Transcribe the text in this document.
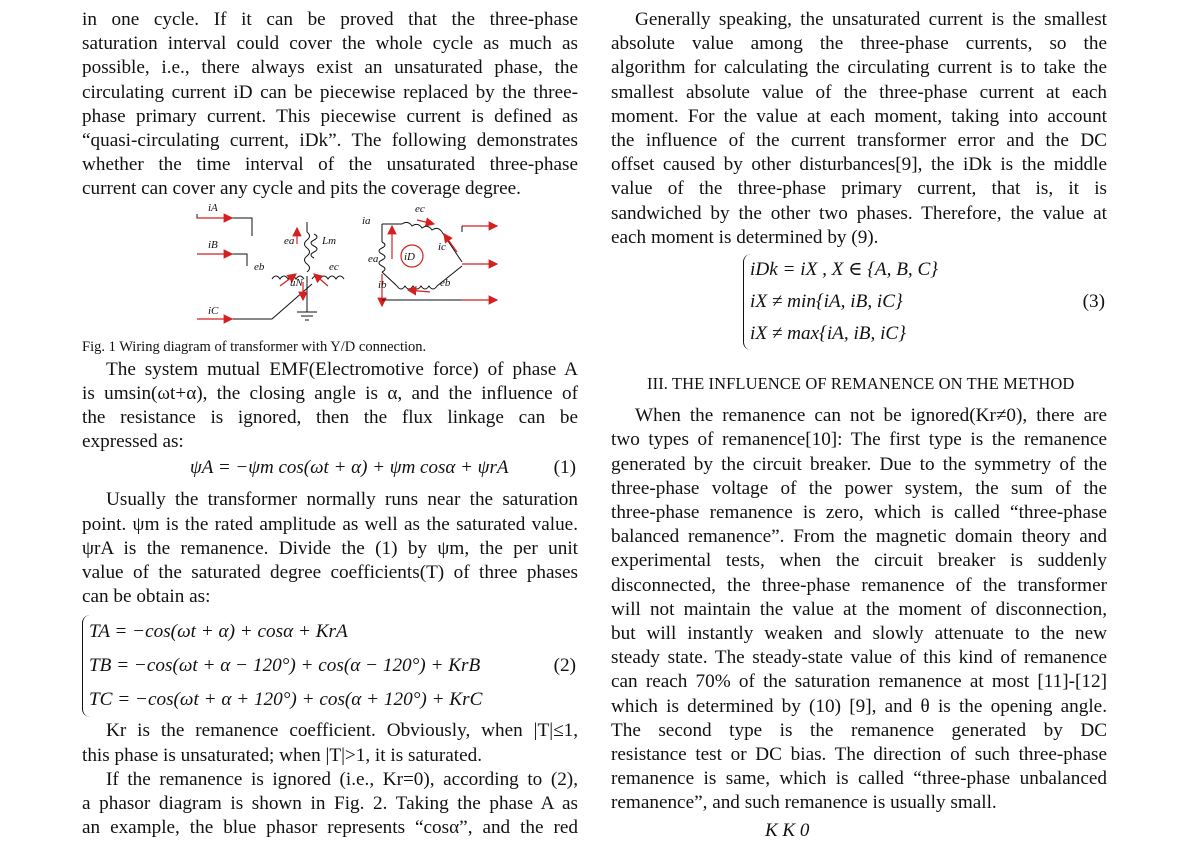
in one cycle. If it can be proved that the three-phase

saturation interval could cover the whole cycle as much as

possible, i.e., there always exist an unsaturated phase, the

circulating current iD can be piecewise replaced by the three-

phase primary current. This piecewise current is defined as

“quasi-circulating current, iDk”. The following demonstrates

whether the time interval of the unsaturated three-phase

current can cover any cycle and pits the coverage degree.

iA
iB
iC
ea	Lm
eb	ec
uN
ia
ec
ic
iD
ea
ib	eb

Fig. 1 Wiring diagram of transformer with Y/D connection.

The system mutual EMF(Electromotive force) of phase A

is umsin(ωt+α), the closing angle is α, and the influence of

the resistance is ignored, then the flux linkage can be

expressed as:

ψA = −ψm cos(ωt + α) + ψm cosα + ψrA (1)

Usually the transformer normally runs near the saturation

point. ψm is the rated amplitude as well as the saturated value.

ψrA is the remanence. Divide the (1) by ψm, the per unit

value of the saturated degree coefficients(T) of three phases

can be obtain as:

TA = −cos(ωt + α) + cosα + KrA
TB = −cos(ωt + α − 120°) + cos(α − 120°) + KrB
TC = −cos(ωt + α + 120°) + cos(α + 120°) + KrC
(2)

Kr is the remanence coefficient. Obviously, when |T|≤1,

this phase is unsaturated; when |T|>1, it is saturated.

If the remanence is ignored (i.e., Kr=0), according to (2),

a phasor diagram is shown in Fig. 2. Taking the phase A as

an example, the blue phasor represents “cosα”, and the red

Generally speaking, the unsaturated current is the smallest

absolute value among the three-phase currents, so the

algorithm for calculating the circulating current is to take the

smallest absolute value of the three-phase current at each

moment. For the value at each moment, taking into account

the influence of the current transformer error and the DC

offset caused by other disturbances[9], the iDk is the middle

value of the three-phase primary current, that is, it is

sandwiched by the other two phases. Therefore, the value at

each moment is determined by (9).

iDk = iX , X ∈ {A, B, C}
iX ≠ min{iA, iB, iC}
iX ≠ max{iA, iB, iC}
(3)

III. THE INFLUENCE OF REMANENCE ON THE METHOD

When the remanence can not be ignored(Kr≠0), there are

two types of remanence[10]: The first type is the remanence

generated by the circuit breaker. Due to the symmetry of the

three-phase voltage of the power system, the sum of the

three-phase remanence is zero, which is called “three-phase

balanced remanence”. From the magnetic domain theory and

experimental tests, when the circuit breaker is suddenly

disconnected, the three-phase remanence of the transformer

will not maintain the value at the moment of disconnection,

but will instantly weaken and slowly attenuate to the new

steady state. The steady-state value of this kind of remanence

can reach 70% of the saturation remanence at most [11]-[12]

which is determined by (10) [9], and θ is the opening angle.

The second type is the remanence generated by DC

resistance test or DC bias. The direction of such three-phase

remanence is same, which is called “three-phase unbalanced

remanence”, and such remanence is usually small.

K K 0
